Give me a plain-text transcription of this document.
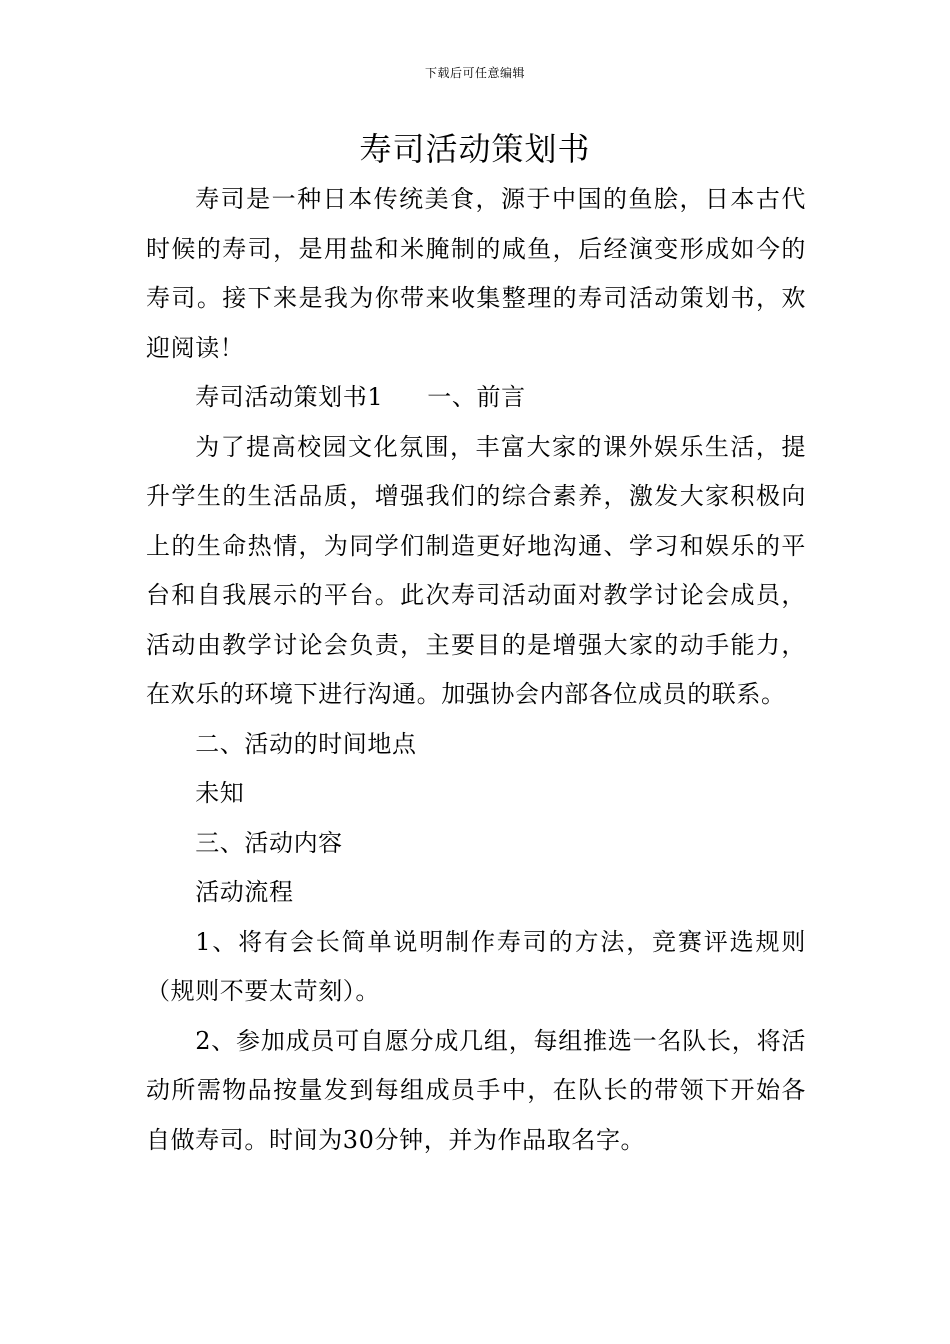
下载后可任意编辑
寿司活动策划书

寿司是一种日本传统美食，源于中国的鱼脍，日本古代时候的寿司，是用盐和米腌制的咸鱼，后经演变形成如今的寿司。接下来是我为你带来收集整理的寿司活动策划书，欢迎阅读！

寿司活动策划书1 一、前言

为了提高校园文化氛围，丰富大家的课外娱乐生活，提升学生的生活品质，增强我们的综合素养，激发大家积极向上的生命热情，为同学们制造更好地沟通、学习和娱乐的平台和自我展示的平台。此次寿司活动面对教学讨论会成员，活动由教学讨论会负责，主要目的是增强大家的动手能力，在欢乐的环境下进行沟通。加强协会内部各位成员的联系。

二、活动的时间地点

未知

三、活动内容

活动流程

1、将有会长简单说明制作寿司的方法，竞赛评选规则（规则不要太苛刻）。

2、参加成员可自愿分成几组，每组推选一名队长，将活动所需物品按量发到每组成员手中，在队长的带领下开始各自做寿司。时间为30分钟，并为作品取名字。
